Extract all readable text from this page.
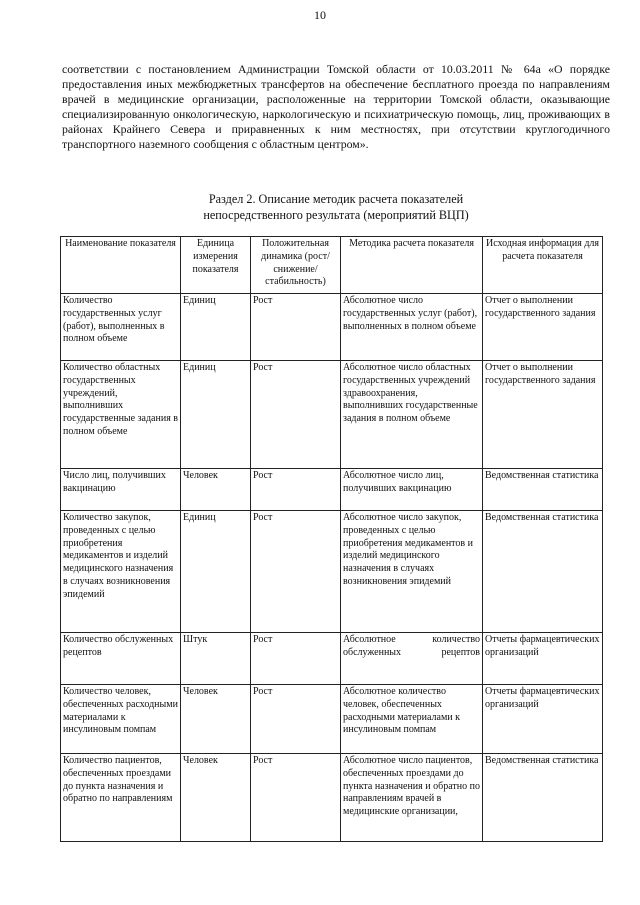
10

соответствии с постановлением Администрации Томской области от 10.03.2011 № 64а «О порядке предоставления иных межбюджетных трансфертов на обеспечение бесплатного проезда по направлениям врачей в медицинские организации, расположенные на территории Томской области, оказывающие специализированную онкологическую, наркологическую и психиатрическую помощь, лиц, проживающих в районах Крайнего Севера и приравненных к ним местностях, при отсутствии круглогодичного транспортного наземного сообщения с областным центром».

Раздел 2. Описание методик расчета показателей
непосредственного результата (мероприятий ВЦП)
Наименование показателя	Единица измерения показателя	Положительная динамика (рост/снижение/ стабильность)	Методика расчета показателя	Исходная информация для расчета показателя
Количество государственных услуг (работ), выполненных в полном объеме	Единиц	Рост	Абсолютное число государственных услуг (работ), выполненных в полном объеме	Отчет о выполнении государственного задания
Количество областных государственных учреждений, выполнивших государственные задания в полном объеме	Единиц	Рост	Абсолютное число областных государственных учреждений здравоохранения, выполнивших государственные задания в полном объеме	Отчет о выполнении государственного задания
Число лиц, получивших вакцинацию	Человек	Рост	Абсолютное число лиц, получивших вакцинацию	Ведомственная статистика
Количество закупок, проведенных с целью приобретения медикаментов и изделий медицинского назначения в случаях возникновения эпидемий	Единиц	Рост	Абсолютное число закупок, проведенных с целью приобретения медикаментов и изделий медицинского назначения в случаях возникновения эпидемий	Ведомственная статистика
Количество обслуженных рецептов	Штук	Рост	Абсолютное количество обслуженных рецептов	Отчеты фармацевтических организаций
Количество человек, обеспеченных расходными материалами к инсулиновым помпам	Человек	Рост	Абсолютное количество человек, обеспеченных расходными материалами к инсулиновым помпам	Отчеты фармацевтических организаций
Количество пациентов, обеспеченных проездами до пункта назначения и обратно по направлениям	Человек	Рост	Абсолютное число пациентов, обеспеченных проездами до пункта назначения и обратно по направлениям врачей в медицинские организации,	Ведомственная статистика
